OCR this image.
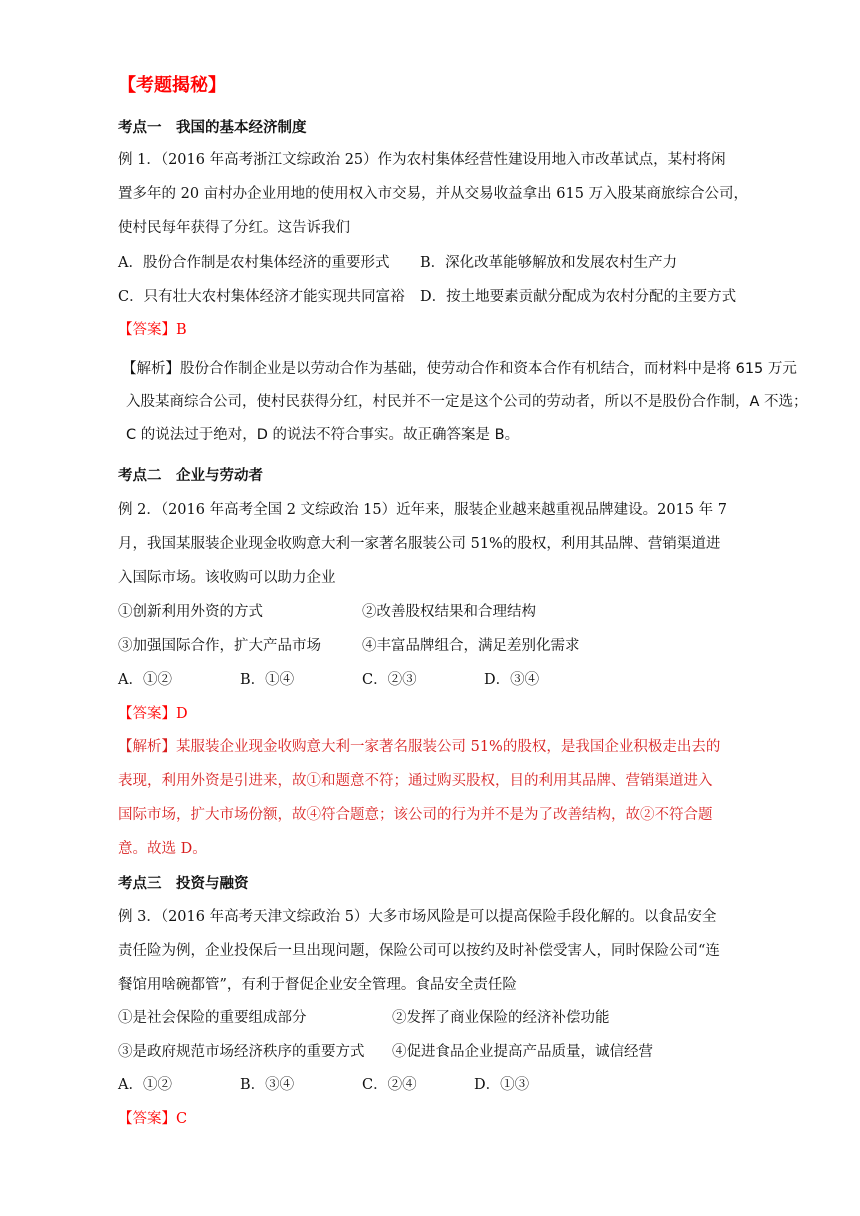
【考题揭秘】
考点一　我国的基本经济制度
例 1．（2016 年高考浙江文综政治 25）作为农村集体经营性建设用地入市改革试点，某村将闲
置多年的 20 亩村办企业用地的使用权入市交易，并从交易收益拿出 615 万入股某商旅综合公司，
使村民每年获得了分红。这告诉我们
A．股份合作制是农村集体经济的重要形式 B．深化改革能够解放和发展农村生产力
C．只有壮大农村集体经济才能实现共同富裕 D．按土地要素贡献分配成为农村分配的主要方式
【答案】B
【解析】股份合作制企业是以劳动合作为基础，使劳动合作和资本合作有机结合，而材料中是将 615 万元
入股某商综合公司，使村民获得分红，村民并不一定是这个公司的劳动者，所以不是股份合作制，A 不选；
C 的说法过于绝对，D 的说法不符合事实。故正确答案是 B。
考点二　企业与劳动者
例 2．（2016 年高考全国 2 文综政治 15）近年来，服装企业越来越重视品牌建设。2015 年 7
月，我国某服装企业现金收购意大利一家著名服装公司 51%的股权，利用其品牌、营销渠道进
入国际市场。该收购可以助力企业
①创新利用外资的方式	②改善股权结果和合理结构
③加强国际合作，扩大产品市场	④丰富品牌组合，满足差别化需求
A．①②	B．①④	C．②③	D．③④
【答案】D
【解析】某服装企业现金收购意大利一家著名服装公司 51%的股权，是我国企业积极走出去的
表现，利用外资是引进来，故①和题意不符；通过购买股权，目的利用其品牌、营销渠道进入
国际市场，扩大市场份额，故④符合题意；该公司的行为并不是为了改善结构，故②不符合题
意。故选 D。
考点三　投资与融资
例 3．（2016 年高考天津文综政治 5）大多市场风险是可以提高保险手段化解的。以食品安全
责任险为例，企业投保后一旦出现问题，保险公司可以按约及时补偿受害人，同时保险公司“连
餐馆用啥碗都管”，有利于督促企业安全管理。食品安全责任险
①是社会保险的重要组成部分	②发挥了商业保险的经济补偿功能
③是政府规范市场经济秩序的重要方式 ④促进食品企业提高产品质量，诚信经营
A．①②	B．③④	C．②④	D．①③
【答案】C
